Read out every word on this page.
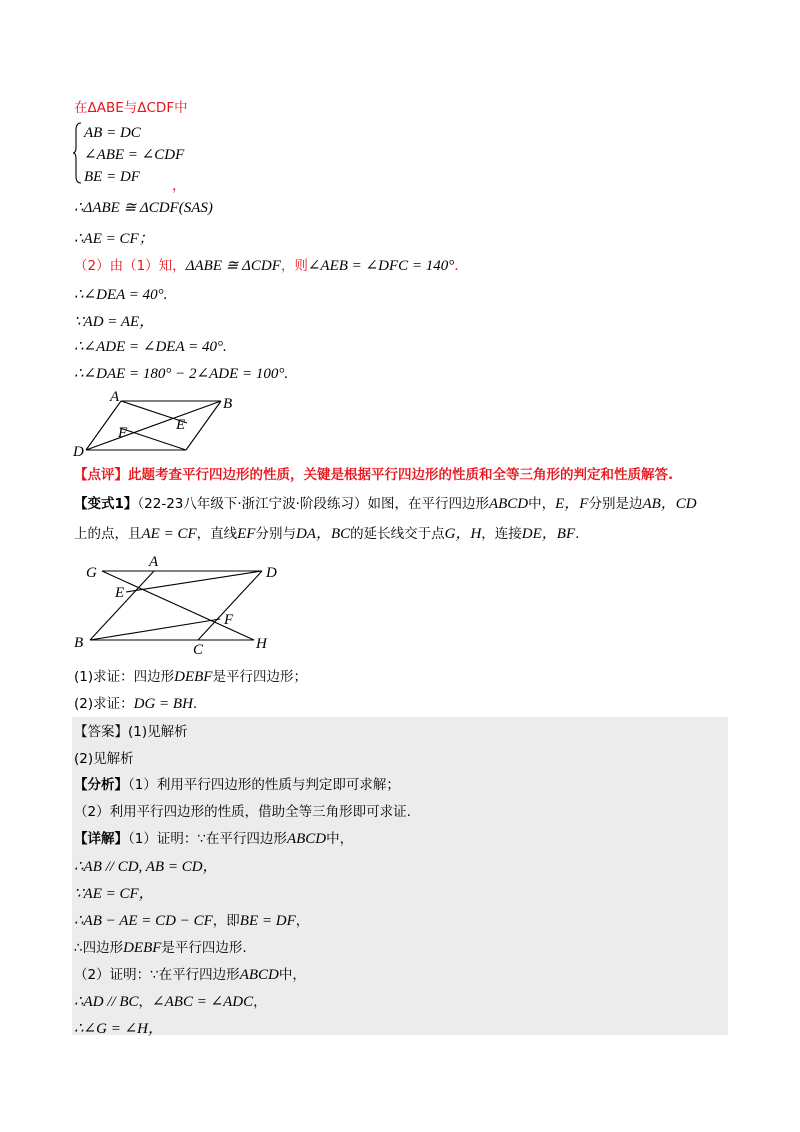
在ΔABE与ΔCDF中
AB = DC
∠ABE = ∠CDF
BE = DF
，
∴ΔABE ≅ ΔCDF(SAS)
∴AE = CF；
（2）由（1）知，ΔABE ≅ ΔCDF，则∠AEB = ∠DFC = 140°.
∴∠DEA = 40°.
∵AD = AE，
∴∠ADE = ∠DEA = 40°.
∴∠DAE = 180° − 2∠ADE = 100°.
A	B
D
E
F
【点评】此题考查平行四边形的性质，关键是根据平行四边形的性质和全等三角形的判定和性质解答.
【变式1】（22-23八年级下·浙江宁波·阶段练习）如图，在平行四边形ABCD中，E，F分别是边AB，CD
上的点，且AE = CF，直线EF分别与DA，BC的延长线交于点G，H，连接DE，BF.
G
A
D
E
F
B	C	H
(1)求证：四边形DEBF是平行四边形；
(2)求证：DG = BH.
【答案】(1)见解析
(2)见解析
【分析】（1）利用平行四边形的性质与判定即可求解；
（2）利用平行四边形的性质，借助全等三角形即可求证.
【详解】（1）证明：∵在平行四边形ABCD中，
∴AB // CD, AB = CD，
∵AE = CF，
∴AB − AE = CD − CF，即BE = DF，
∴四边形DEBF是平行四边形.
（2）证明：∵在平行四边形ABCD中，
∴AD // BC，∠ABC = ∠ADC，
∴∠G = ∠H，
